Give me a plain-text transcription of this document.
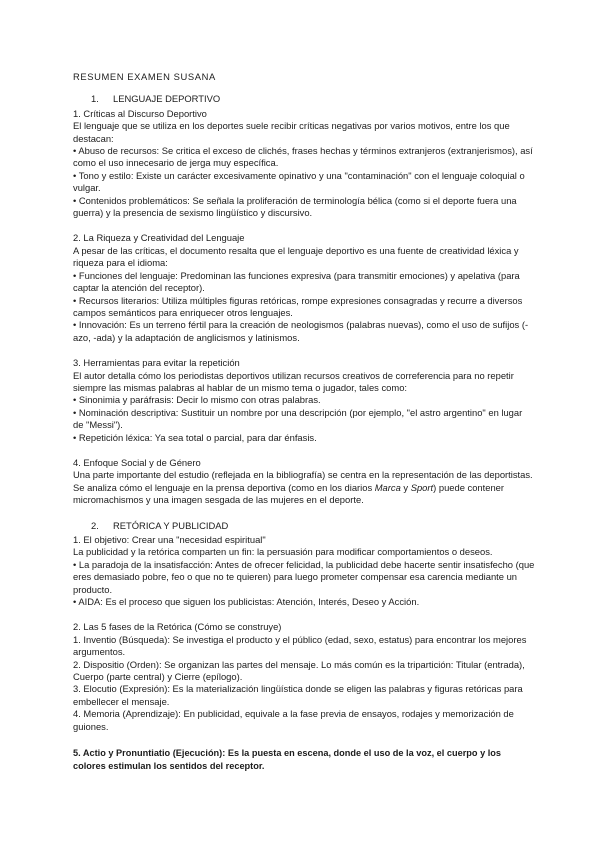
RESUMEN EXAMEN SUSANA
1. LENGUAJE DEPORTIVO
1. Críticas al Discurso Deportivo

El lenguaje que se utiliza en los deportes suele recibir críticas negativas por varios motivos, entre los que destacan:

• Abuso de recursos: Se critica el exceso de clichés, frases hechas y términos extranjeros (extranjerismos), así como el uso innecesario de jerga muy específica.

• Tono y estilo: Existe un carácter excesivamente opinativo y una "contaminación" con el lenguaje coloquial o vulgar.

• Contenidos problemáticos: Se señala la proliferación de terminología bélica (como si el deporte fuera una guerra) y la presencia de sexismo lingüístico y discursivo.

2. La Riqueza y Creatividad del Lenguaje

A pesar de las críticas, el documento resalta que el lenguaje deportivo es una fuente de creatividad léxica y riqueza para el idioma:

• Funciones del lenguaje: Predominan las funciones expresiva (para transmitir emociones) y apelativa (para captar la atención del receptor).

• Recursos literarios: Utiliza múltiples figuras retóricas, rompe expresiones consagradas y recurre a diversos campos semánticos para enriquecer otros lenguajes.

• Innovación: Es un terreno fértil para la creación de neologismos (palabras nuevas), como el uso de sufijos (-azo, -ada) y la adaptación de anglicismos y latinismos.

3. Herramientas para evitar la repetición

El autor detalla cómo los periodistas deportivos utilizan recursos creativos de correferencia para no repetir siempre las mismas palabras al hablar de un mismo tema o jugador, tales como:

• Sinonimia y paráfrasis: Decir lo mismo con otras palabras.

• Nominación descriptiva: Sustituir un nombre por una descripción (por ejemplo, "el astro argentino" en lugar de "Messi").

• Repetición léxica: Ya sea total o parcial, para dar énfasis.

4. Enfoque Social y de Género

Una parte importante del estudio (reflejada en la bibliografía) se centra en la representación de las deportistas. Se analiza cómo el lenguaje en la prensa deportiva (como en los diarios Marca y Sport) puede contener micromachismos y una imagen sesgada de las mujeres en el deporte.

2. RETÓRICA Y PUBLICIDAD
1. El objetivo: Crear una "necesidad espiritual"

La publicidad y la retórica comparten un fin: la persuasión para modificar comportamientos o deseos.

• La paradoja de la insatisfacción: Antes de ofrecer felicidad, la publicidad debe hacerte sentir insatisfecho (que eres demasiado pobre, feo o que no te quieren) para luego prometer compensar esa carencia mediante un producto.

• AIDA: Es el proceso que siguen los publicistas: Atención, Interés, Deseo y Acción.

2. Las 5 fases de la Retórica (Cómo se construye)

1. Inventio (Búsqueda): Se investiga el producto y el público (edad, sexo, estatus) para encontrar los mejores argumentos.

2. Dispositio (Orden): Se organizan las partes del mensaje. Lo más común es la tripartición: Titular (entrada), Cuerpo (parte central) y Cierre (epílogo).

3. Elocutio (Expresión): Es la materialización lingüística donde se eligen las palabras y figuras retóricas para embellecer el mensaje.

4. Memoria (Aprendizaje): En publicidad, equivale a la fase previa de ensayos, rodajes y memorización de guiones.

5. Actio y Pronuntiatio (Ejecución): Es la puesta en escena, donde el uso de la voz, el cuerpo y los colores estimulan los sentidos del receptor.
